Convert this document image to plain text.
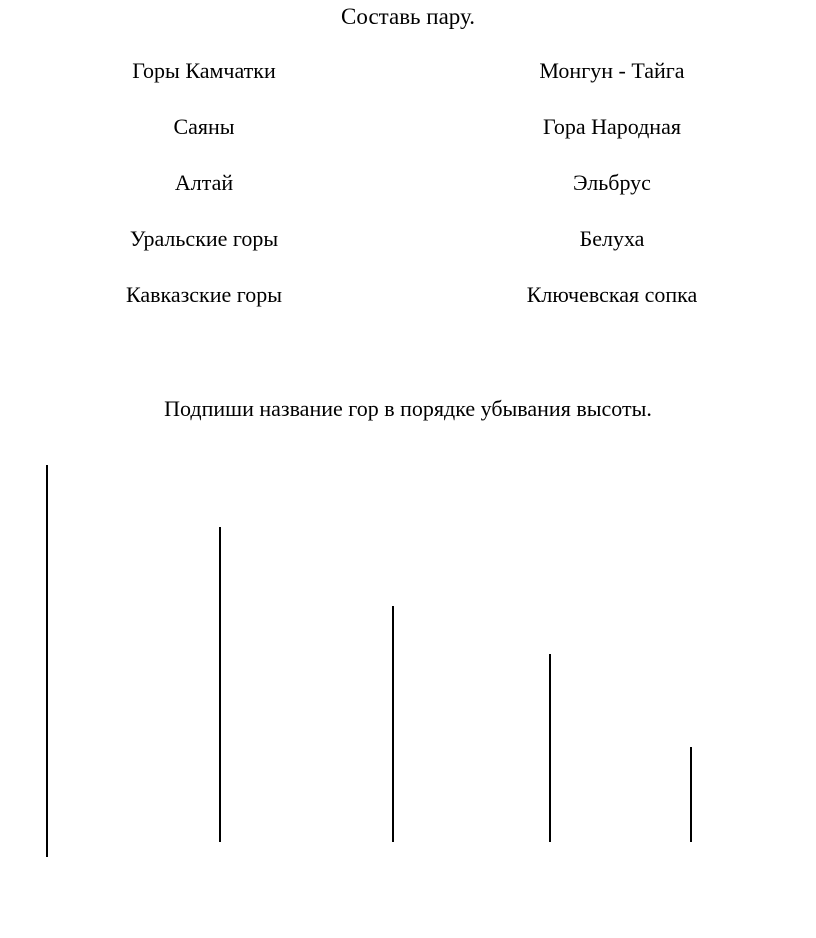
Составь пару.
Горы Камчатки
Саяны
Алтай
Уральские горы
Кавказские горы
Монгун - Тайга
Гора Народная
Эльбрус
Белуха
Ключевская сопка
Подпиши название гор в порядке убывания высоты.
